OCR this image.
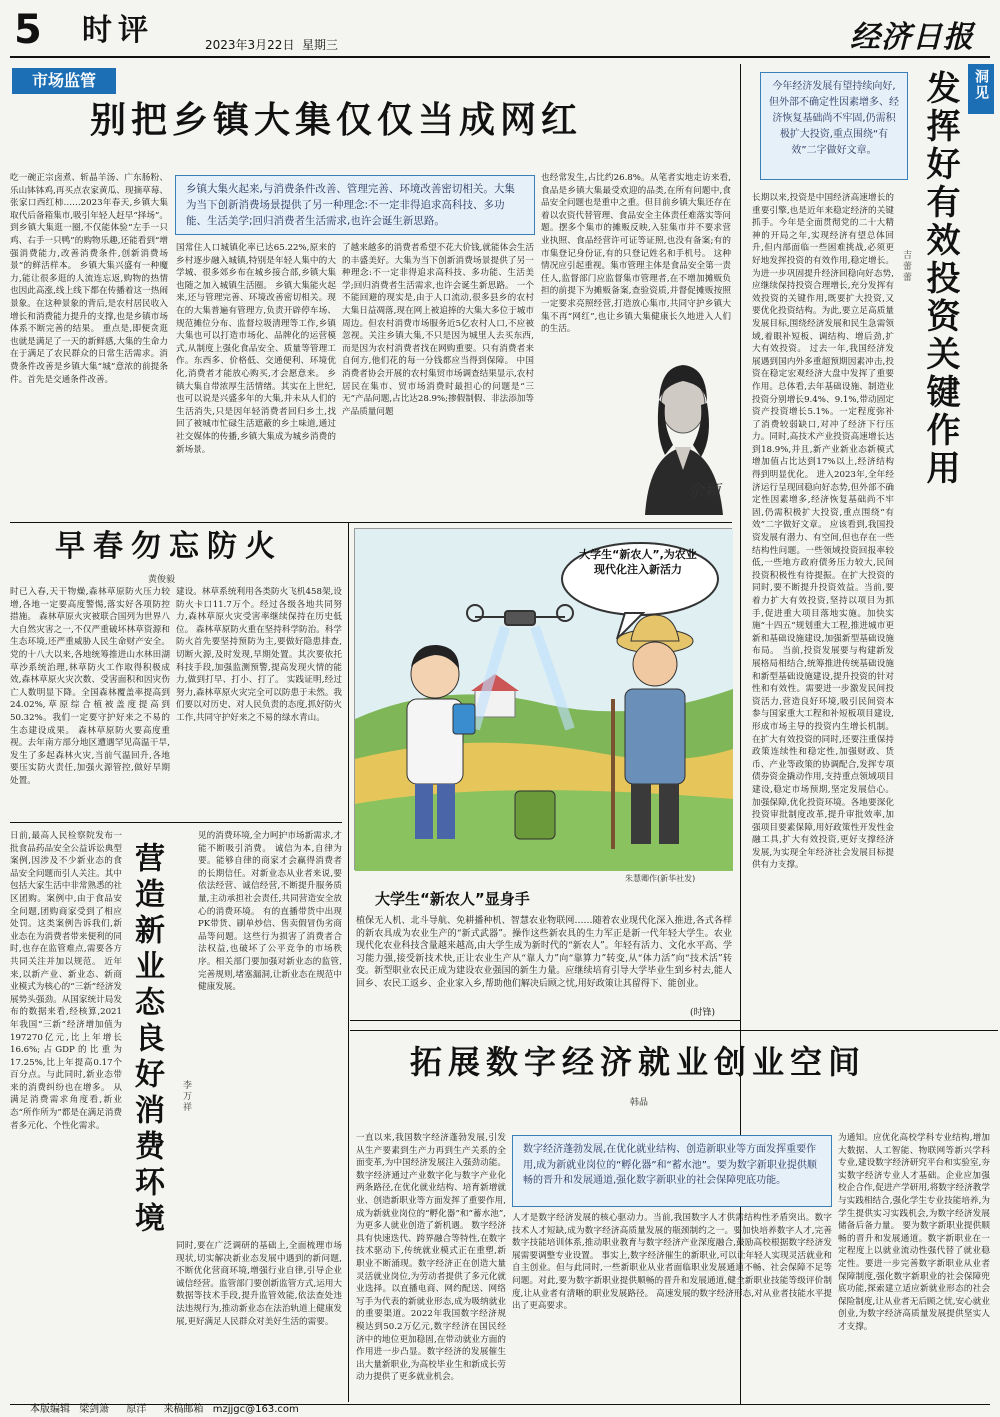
5 时评	2023年3月22日 星期三	经济日报
市场监管
别把乡镇大集仅仅当成网红
乡镇大集火起来,与消费条件改善、管理完善、环境改善密切相关。大集为当下创新消费场景提供了另一种理念:不一定非得追求高科技、多功能、生活美学;回归消费者生活需求,也许会诞生新思路。
吃一碗正宗卤煮、斩晶羊汤、广东肠粉、乐山钵钵鸡,再买点农家黄瓜、现摘草莓、张家口西红柿……2023年春天,乡镇大集取代后备箱集市,吸引年轻人赶早“择场”。到乡镇大集逛一圈,不仅能体验“左手一只鸡、右手一只鸭”的购物乐趣,还能看到“增强消费能力,改善消费条件,创新消费场景”的鲜活样本。 乡镇大集兴盛有一种魔力,能让很多逛的人流连忘返,购物的热情也因此高涨,线上线下都在传播着这一热闹景象。在这种景象的背后,是农村居民收入增长和消费能力提升的支撑,也是乡镇市场体系不断完善的结果。 重点是,即便贪逛也就是满足了一天的新鲜感,大集的生命力在于满足了农民群众的日常生活需求。消费条件改善是乡镇大集“城”意浓的前提条件。首先是交通条件改善。
国常住人口城镇化率已达65.22%,原来的乡村逐步融入城镇,特别是年轻人集中的大学城、很多郊乡布在城乡接合部,乡镇大集也随之加入城镇生活圈。 乡镇大集能火起来,还与管理完善、环境改善密切相关。现在的大集普遍有管理方,负责开辟停车场、规范摊位分布、监督垃圾清理等工作,乡镇大集也可以打造市场化、品牌化的运营模式,从制度上强化食品安全、质量等管理工作。东西多、价格低、交通便利、环境优化,消费者才能放心购买,才会愿意来。 乡镇大集自带浓厚生活情绪。其实在上世纪,也可以说是兴盛多年的大集,并未从人们的生活消失,只是因年轻消费者回归乡土,找回了被城市忙碌生活遮蔽的乡土味道,通过社交媒体的传播,乡镇大集成为城乡消费的新场景。
了越来越多的消费者希望不花大价钱,就能体会生活的丰盛美好。大集为当下创新消费场景提供了另一种理念:不一定非得追求高科技、多功能、生活美学;回归消费者生活需求,也许会诞生新思路。 一个不能回避的现实是,由于人口流动,很多县乡的农村大集日益凋落,现在网上被追捧的大集大多位于城市周边。但农村消费市场服务近5亿农村人口,不应被忽视。关注乡镇大集,不只是因为城里人去买东西,而是因为农村消费者找在网购重要。只有消费者来自何方,他们花的每一分钱都应当得到保障。 中国消费者协会开展的农村集贸市场调查结果显示,农村居民在集市、贸市场消费时最担心的问题是“三无”产品问题,占比达28.9%;掺假制假、非法添加等产品质量问题
也经常发生,占比约26.8%。从笔者实地走访来看,食品是乡镇大集最受欢迎的品类,在所有问题中,食品安全问题也是重中之重。但目前乡镇大集还存在着以农资代替管理、食品安全主体责任难落实等问题。摆多个集市的摊贩反映,入驻集市并不要求营业执照、食品经营许可证等证照,也没有备案;有的市集登记身份证,有的只登记姓名和手机号。 这种情况应引起重视。集市管理主体是食品安全第一责任人,监督部门应监督集市管理者,在不增加摊贩负担的前提下为摊贩备案,查验资质,并督促摊贩按照一定要求亮照经营,打造放心集市,共同守护乡镇大集不再“网红”,也让乡镇大集健康长久地进入人们的生活。
佘颖
洞见
今年经济发展有望持续向好,但外部不确定性因素增多、经济恢复基础尚不牢固,仍需积极扩大投资,重点围绕“有效”二字做好文章。	发挥好有效投资关键作用
吉蕾蕾
长期以来,投资是中国经济高速增长的重要引擎,也是近年来稳定经济的关键抓手。今年是全面贯彻党的二十大精神的开局之年,实现经济有望总体回升,但内部面临一些困难挑战,必须更好地发挥投资的有效作用,稳定增长。为进一步巩固提升经济回稳向好态势,应继续保持投资合理增长,充分发挥有效投资的关键作用,既要扩大投资,又要优化投资结构。为此,要立足高质量发展目标,围绕经济发展和民生急需领域,着眼补短板、调结构、增后劲,扩大有效投资。 过去一年,我国经济发展遇到国内外多重超预期因素冲击,投资在稳定宏观经济大盘中发挥了重要作用。总体看,去年基础设施、制造业投资分别增长9.4%、9.1%,带动固定资产投资增长5.1%。一定程度弥补了消费较弱缺口,对冲了经济下行压力。同时,高技术产业投资高速增长达到18.9%,并且,新产业新业态新模式增加值占比达到17%以上,经济结构得到明显优化。 进入2023年,全年经济运行呈现回稳向好态势,但外部不确定性因素增多,经济恢复基础尚不牢固,仍需积极扩大投资,重点围绕“有效”二字做好文章。 应该看到,我国投资发展有潜力、有空间,但也存在一些结构性问题。一些领域投资回报率较低,一些地方政府债务压力较大,民间投资积极性有待提振。在扩大投资的同时,要不断提升投资效益。当前,要着力扩大有效投资,坚持以项目为抓手,促进重大项目落地实施。加快实施“十四五”规划重大工程,推进城市更新和基础设施建设,加强新型基础设施布局。 当前,投资发展要与构建新发展格局相结合,统筹推进传统基础设施和新型基础设施建设,提升投资的针对性和有效性。需要进一步激发民间投资活力,营造良好环境,吸引民间资本参与国家重大工程和补短板项目建设,形成市场主导的投资内生增长机制。 在扩大有效投资的同时,还要注重保持政策连续性和稳定性,加强财政、货币、产业等政策的协调配合,发挥专项债券资金撬动作用,支持重点领域项目建设,稳定市场预期,坚定发展信心。 加强保障,优化投资环境。各地要深化投资审批制度改革,提升审批效率,加强项目要素保障,用好政策性开发性金融工具,扩大有效投资,更好支撑经济发展,为实现全年经济社会发展目标提供有力支撑。
早春勿忘防火
黄俊毅
时已入春,天干物燥,森林草原防火压力较增,各地一定要高度警惕,落实好各项防控措施。 森林草原火灾被联合国列为世界八大自然灾害之一,不仅严重破坏林草资源和生态环境,还严重威胁人民生命财产安全。党的十八大以来,各地统筹推进山水林田湖草沙系统治理,林草防火工作取得积极成效,森林草原火灾次数、受害面积和因灾伤亡人数明显下降。全国森林覆盖率提高到24.02%,草原综合植被盖度提高到50.32%。我们一定要守护好来之不易的生态建设成果。 森林草原防火要高度重视。去年南方部分地区遭遇罕见高温干旱,发生了多起森林火灾,当前气温回升,各地要压实防火责任,加强火源管控,做好早期处置。
建设。林草系统利用各类防火飞机458架,设防火卡口11.7万个。经过各级各地共同努力,森林草原火灾受害率继续保持在历史低位。 森林草原防火重在坚持科学防治。科学防火首先要坚持预防为主,要做好隐患排查,切断火源,及时发现,早期处置。其次要依托科技手段,加强监测预警,提高发现火情的能力,做到打早、打小、打了。 实践证明,经过努力,森林草原火灾完全可以防患于未然。我们要以对历史、对人民负责的态度,抓好防火工作,共同守护好来之不易的绿水青山。
营造新业态良好消费环境 李万祥
日前,最高人民检察院发布一批食品药品安全公益诉讼典型案例,因涉及不少新业态的食品安全问题而引人关注。其中包括大家生活中非常熟悉的社区团购。案例中,由于食品安全问题,团购商家受到了相应处罚。这类案例告诉我们,新业态在为消费者带来便利的同时,也存在监管难点,需要各方共同关注并加以规范。 近年来,以新产业、新业态、新商业模式为核心的“三新”经济发展势头强劲。从国家统计局发布的数据来看,经核算,2021年我国“三新”经济增加值为197270亿元,比上年增长16.6%;占GDP的比重为17.25%,比上年提高0.17个百分点。与此同时,新业态带来的消费纠纷也在增多。 从满足消费需求角度看,新业态“所作所为”都是在满足消费者多元化、个性化需求。
见的消费环境,全力呵护市场新需求,才能不断吸引消费。 诚信为本,自律为要。能够自律的商家才会赢得消费者的长期信任。对新业态从业者来说,要依法经营、诚信经营,不断提升服务质量,主动承担社会责任,共同营造安全放心的消费环境。 有的直播带货中出现PK带货、刷单炒信、售卖假冒伪劣商品等问题。这些行为损害了消费者合法权益,也破坏了公平竞争的市场秩序。相关部门要加强对新业态的监管,完善规则,堵塞漏洞,让新业态在规范中健康发展。
同时,要在广泛调研的基础上,全面梳理市场现状,切实解决新业态发展中遇到的新问题,不断优化营商环境,增强行业自律,引导企业诚信经营。监管部门要创新监管方式,运用大数据等技术手段,提升监管效能,依法查处违法违规行为,推动新业态在法治轨道上健康发展,更好满足人民群众对美好生活的需要。
大学生“新农人”,为农业现代化注入新活力
朱慧卿作(新华社发)
大学生“新农人”显身手
植保无人机、北斗导航、免耕播种机、智慧农业物联网……随着农业现代化深入推进,各式各样的新农具成为农业生产的“新式武器”。操作这些新农具的生力军正是新一代年轻大学生。农业现代化农业科技含量越来越高,由大学生成为新时代的“新农人”。年轻有活力、文化水平高、学习能力强,接受新技术快,正让农业生产从“靠人力”向“靠算力”转变,从“体力活”向“技术活”转变。新型职业农民正成为建设农业强国的新生力量。应继续培育引导大学毕业生到乡村去,能人回乡、农民工返乡、企业家入乡,帮助他们解决后顾之忧,用好政策让其留得下、能创业。
(时锋)
拓展数字经济就业创业空间
韩晶
数字经济蓬勃发展,在优化就业结构、创造新职业等方面发挥重要作用,成为新就业岗位的“孵化器”和“蓄水池”。要为数字新职业提供顺畅的晋升和发展通道,强化数字新职业的社会保障兜底功能。
一直以来,我国数字经济蓬勃发展,引发从生产要素到生产力再到生产关系的全面变革,为中国经济发展注入强劲动能。数字经济通过产业数字化与数字产业化两条路径,在优化就业结构、培育新增就业、创造新职业等方面发挥了重要作用,成为新就业岗位的“孵化器”和“蓄水池”,为更多人就业创造了新机遇。 数字经济具有快速迭代、跨界融合等特性,在数字技术驱动下,传统就业模式正在重塑,新职业不断涌现。数字经济正在创造大量灵活就业岗位,为劳动者提供了多元化就业选择。以直播电商、网约配送、网络写手为代表的新就业形态,成为吸纳就业的重要渠道。2022年我国数字经济规模达到50.2万亿元,数字经济在国民经济中的地位更加稳固,在带动就业方面的作用进一步凸显。数字经济的发展催生出大量新职业,为高校毕业生和新成长劳动力提供了更多就业机会。
人才是数字经济发展的核心驱动力。当前,我国数字人才供需结构性矛盾突出。数字技术人才短缺,成为数字经济高质量发展的瓶颈制约之一。要加快培养数字人才,完善数字技能培训体系,推动职业教育与数字经济产业深度融合,鼓励高校根据数字经济发展需要调整专业设置。 事实上,数字经济催生的新职业,可以让年轻人实现灵活就业和自主创业。但与此同时,一些新职业从业者面临职业发展通道不畅、社会保障不足等问题。对此,要为数字新职业提供顺畅的晋升和发展通道,健全新职业技能等级评价制度,让从业者有清晰的职业发展路径。 高速发展的数字经济形态,对从业者技能水平提出了更高要求。
为通知。应优化高校学科专业结构,增加大数据、人工智能、物联网等新兴学科专业,建设数字经济研究平台和实验室,夯实数字经济专业人才基础。企业应加强校企合作,促进产学研用,将数字经济教学与实践相结合,强化学生专业技能培养,为学生提供实习实践机会,为数字经济发展储备后备力量。 要为数字新职业提供顺畅的晋升和发展通道。数字新职业在一定程度上以就业流动性强代替了就业稳定性。要进一步完善数字新职业从业者保障制度,强化数字新职业的社会保障兜底功能,探索建立适应新就业形态的社会保险制度,让从业者无后顾之忧,安心就业创业,为数字经济高质量发展提供坚实人才支撑。
本版编辑 梁剑箫 原洋 来稿邮箱 mzjjgc@163.com
